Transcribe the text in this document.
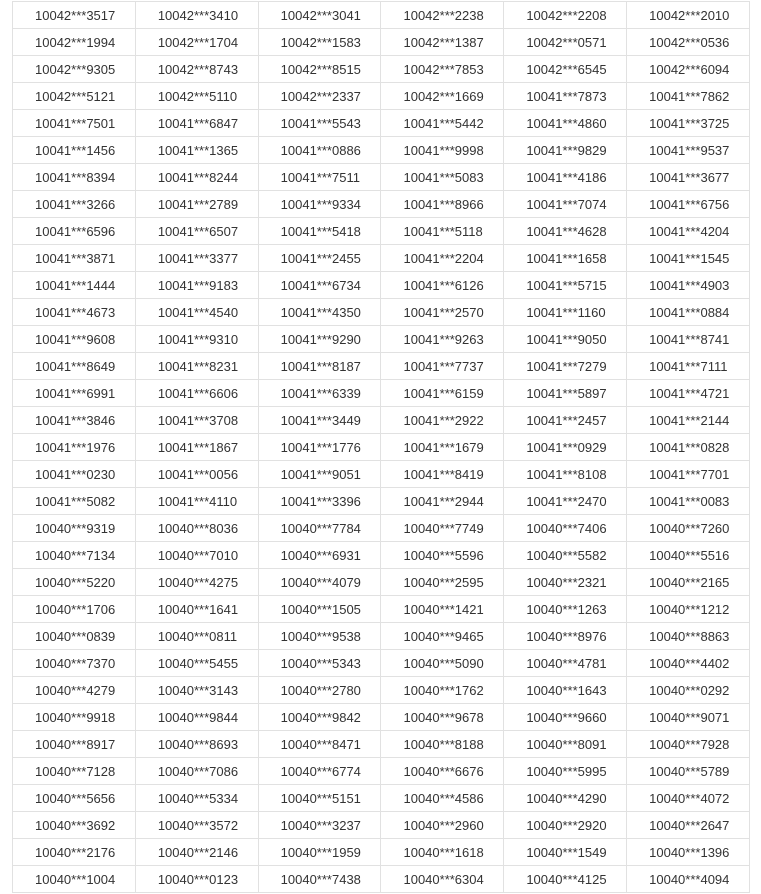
10042***3517	10042***3410	10042***3041	10042***2238	10042***2208	10042***2010
10042***1994	10042***1704	10042***1583	10042***1387	10042***0571	10042***0536
10042***9305	10042***8743	10042***8515	10042***7853	10042***6545	10042***6094
10042***5121	10042***5110	10042***2337	10042***1669	10041***7873	10041***7862
10041***7501	10041***6847	10041***5543	10041***5442	10041***4860	10041***3725
10041***1456	10041***1365	10041***0886	10041***9998	10041***9829	10041***9537
10041***8394	10041***8244	10041***7511	10041***5083	10041***4186	10041***3677
10041***3266	10041***2789	10041***9334	10041***8966	10041***7074	10041***6756
10041***6596	10041***6507	10041***5418	10041***5118	10041***4628	10041***4204
10041***3871	10041***3377	10041***2455	10041***2204	10041***1658	10041***1545
10041***1444	10041***9183	10041***6734	10041***6126	10041***5715	10041***4903
10041***4673	10041***4540	10041***4350	10041***2570	10041***1160	10041***0884
10041***9608	10041***9310	10041***9290	10041***9263	10041***9050	10041***8741
10041***8649	10041***8231	10041***8187	10041***7737	10041***7279	10041***7111
10041***6991	10041***6606	10041***6339	10041***6159	10041***5897	10041***4721
10041***3846	10041***3708	10041***3449	10041***2922	10041***2457	10041***2144
10041***1976	10041***1867	10041***1776	10041***1679	10041***0929	10041***0828
10041***0230	10041***0056	10041***9051	10041***8419	10041***8108	10041***7701
10041***5082	10041***4110	10041***3396	10041***2944	10041***2470	10041***0083
10040***9319	10040***8036	10040***7784	10040***7749	10040***7406	10040***7260
10040***7134	10040***7010	10040***6931	10040***5596	10040***5582	10040***5516
10040***5220	10040***4275	10040***4079	10040***2595	10040***2321	10040***2165
10040***1706	10040***1641	10040***1505	10040***1421	10040***1263	10040***1212
10040***0839	10040***0811	10040***9538	10040***9465	10040***8976	10040***8863
10040***7370	10040***5455	10040***5343	10040***5090	10040***4781	10040***4402
10040***4279	10040***3143	10040***2780	10040***1762	10040***1643	10040***0292
10040***9918	10040***9844	10040***9842	10040***9678	10040***9660	10040***9071
10040***8917	10040***8693	10040***8471	10040***8188	10040***8091	10040***7928
10040***7128	10040***7086	10040***6774	10040***6676	10040***5995	10040***5789
10040***5656	10040***5334	10040***5151	10040***4586	10040***4290	10040***4072
10040***3692	10040***3572	10040***3237	10040***2960	10040***2920	10040***2647
10040***2176	10040***2146	10040***1959	10040***1618	10040***1549	10040***1396
10040***1004	10040***0123	10040***7438	10040***6304	10040***4125	10040***4094
